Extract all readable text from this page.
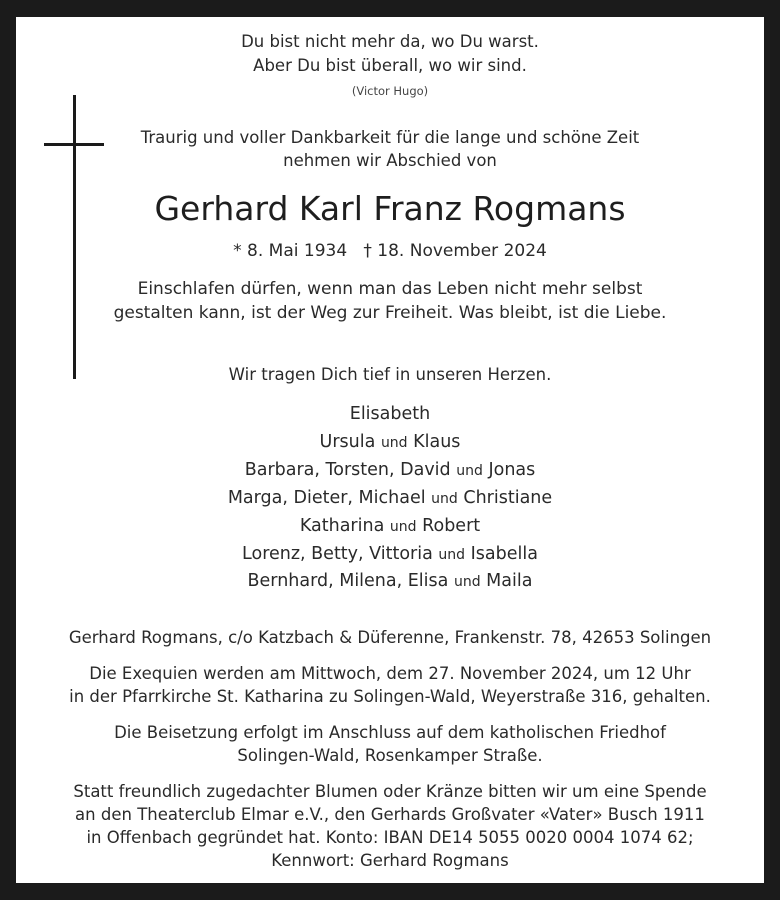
Du bist nicht mehr da, wo Du warst.
Aber Du bist überall, wo wir sind.
(Victor Hugo)
Traurig und voller Dankbarkeit für die lange und schöne Zeit
nehmen wir Abschied von
Gerhard Karl Franz Rogmans
* 8. Mai 1934 † 18. November 2024
Einschlafen dürfen, wenn man das Leben nicht mehr selbst
gestalten kann, ist der Weg zur Freiheit. Was bleibt, ist die Liebe.
Wir tragen Dich tief in unseren Herzen.
Elisabeth
Ursula und Klaus
Barbara, Torsten, David und Jonas
Marga, Dieter, Michael und Christiane
Katharina und Robert
Lorenz, Betty, Vittoria und Isabella
Bernhard, Milena, Elisa und Maila
Gerhard Rogmans, c/o Katzbach & Düferenne, Frankenstr. 78, 42653 Solingen
Die Exequien werden am Mittwoch, dem 27. November 2024, um 12 Uhr
in der Pfarrkirche St. Katharina zu Solingen-Wald, Weyerstraße 316, gehalten.
Die Beisetzung erfolgt im Anschluss auf dem katholischen Friedhof
Solingen-Wald, Rosenkamper Straße.
Statt freundlich zugedachter Blumen oder Kränze bitten wir um eine Spende
an den Theaterclub Elmar e.V., den Gerhards Großvater «Vater» Busch 1911
in Offenbach gegründet hat. Konto: IBAN DE14 5055 0020 0004 1074 62;
Kennwort: Gerhard Rogmans
